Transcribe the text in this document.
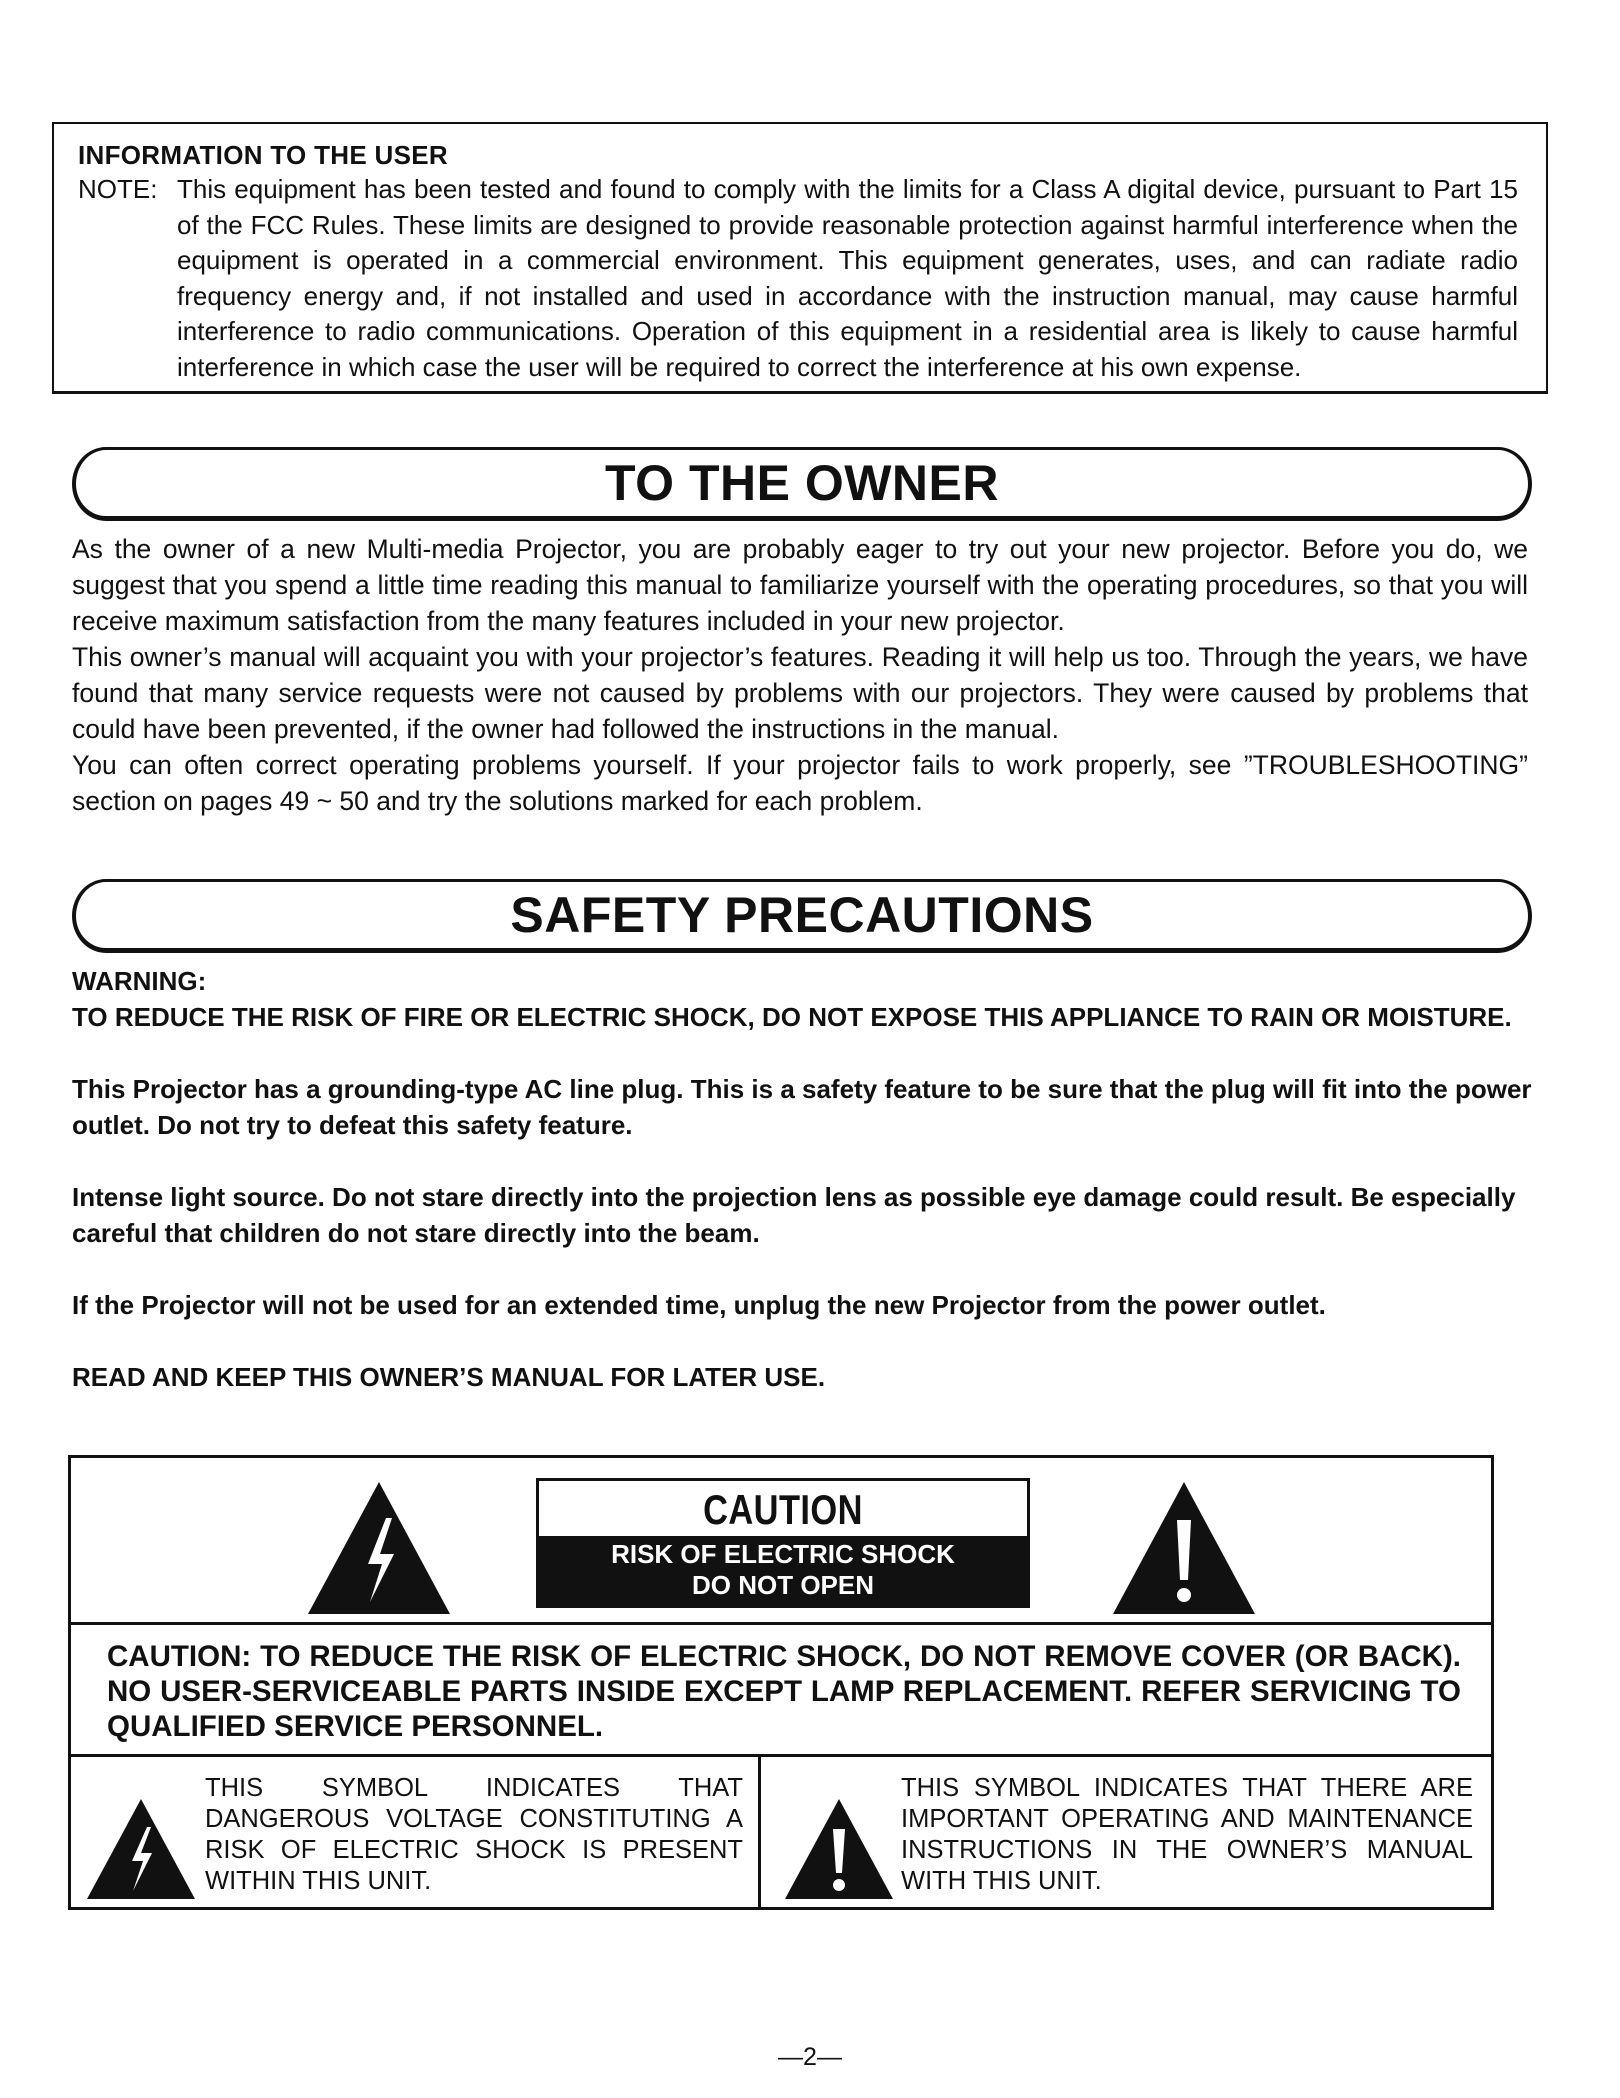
INFORMATION TO THE USER
NOTE: This equipment has been tested and found to comply with the limits for a Class A digital device, pursuant to Part 15 of the FCC Rules. These limits are designed to provide reasonable protection against harmful interference when the equipment is operated in a commercial environment. This equipment generates, uses, and can radiate radio frequency energy and, if not installed and used in accordance with the instruction manual, may cause harmful interference to radio communications. Operation of this equipment in a residential area is likely to cause harmful interference in which case the user will be required to correct the interference at his own expense.
TO THE OWNER

As the owner of a new Multi-media Projector, you are probably eager to try out your new projector. Before you do, we suggest that you spend a little time reading this manual to familiarize yourself with the operating procedures, so that you will receive maximum satisfaction from the many features included in your new projector.

This owner’s manual will acquaint you with your projector’s features. Reading it will help us too. Through the years, we have found that many service requests were not caused by problems with our projectors. They were caused by problems that could have been prevented, if the owner had followed the instructions in the manual.

You can often correct operating problems yourself. If your projector fails to work properly, see ”TROUBLESHOOTING” section on pages 49 ~ 50 and try the solutions marked for each problem.

SAFETY PRECAUTIONS

WARNING:

TO REDUCE THE RISK OF FIRE OR ELECTRIC SHOCK, DO NOT EXPOSE THIS APPLIANCE TO RAIN OR MOISTURE.

This Projector has a grounding-type AC line plug. This is a safety feature to be sure that the plug will fit into the power outlet. Do not try to defeat this safety feature.

Intense light source. Do not stare directly into the projection lens as possible eye damage could result. Be especially careful that children do not stare directly into the beam.

If the Projector will not be used for an extended time, unplug the new Projector from the power outlet.

READ AND KEEP THIS OWNER’S MANUAL FOR LATER USE.

CAUTION
RISK OF ELECTRIC SHOCK
DO NOT OPEN
CAUTION: TO REDUCE THE RISK OF ELECTRIC SHOCK, DO NOT REMOVE COVER (OR BACK). NO USER-SERVICEABLE PARTS INSIDE EXCEPT LAMP REPLACEMENT. REFER SERVICING TO QUALIFIED SERVICE PERSONNEL.
THIS SYMBOL INDICATES THAT DANGEROUS VOLTAGE CONSTITUTING A RISK OF ELECTRIC SHOCK IS PRESENT WITHIN THIS UNIT.
THIS SYMBOL INDICATES THAT THERE ARE IMPORTANT OPERATING AND MAINTENANCE INSTRUCTIONS IN THE OWNER’S MANUAL WITH THIS UNIT.
—2—
